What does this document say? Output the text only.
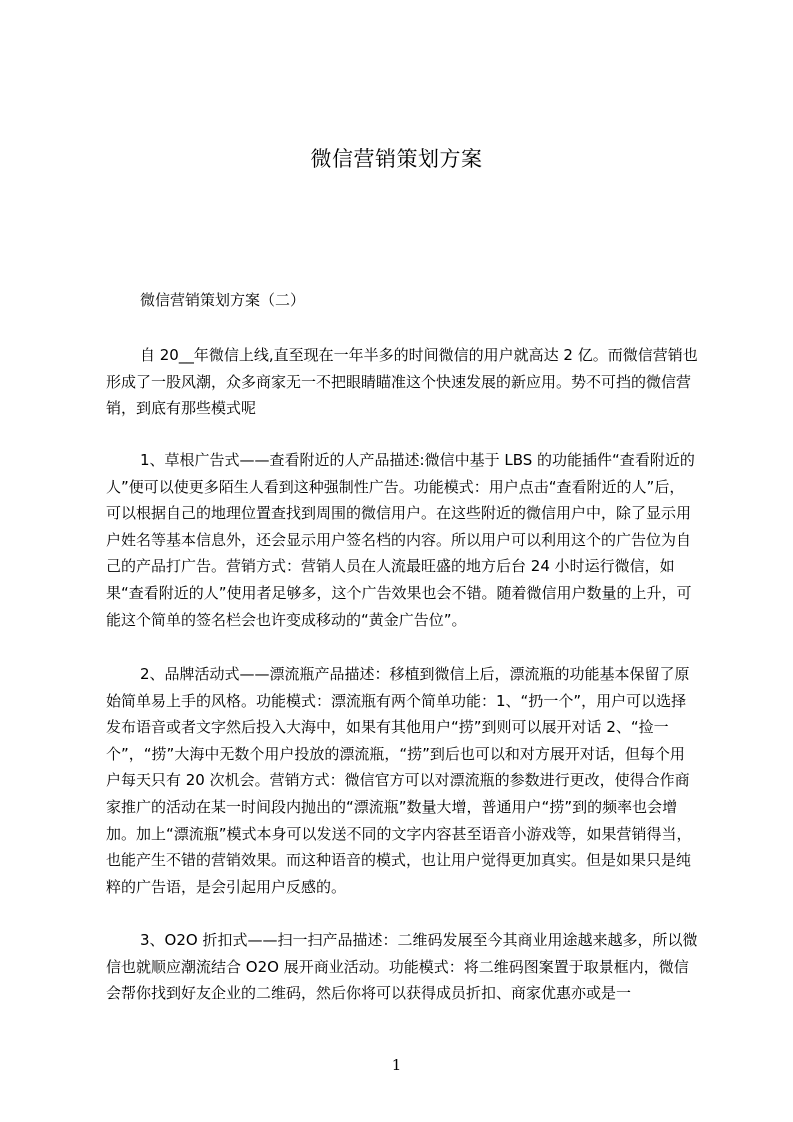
微信营销策划方案
微信营销策划方案（二）

自 20__年微信上线,直至现在一年半多的时间微信的用户就高达 2 亿。而微信营销也形成了一股风潮，众多商家无一不把眼睛瞄准这个快速发展的新应用。势不可挡的微信营销，到底有那些模式呢

1、草根广告式——查看附近的人产品描述:微信中基于 LBS 的功能插件“查看附近的人”便可以使更多陌生人看到这种强制性广告。功能模式：用户点击“查看附近的人”后，可以根据自己的地理位置查找到周围的微信用户。在这些附近的微信用户中，除了显示用户姓名等基本信息外，还会显示用户签名档的内容。所以用户可以利用这个的广告位为自己的产品打广告。营销方式：营销人员在人流最旺盛的地方后台 24 小时运行微信，如果“查看附近的人”使用者足够多，这个广告效果也会不错。随着微信用户数量的上升，可能这个简单的签名栏会也许变成移动的“黄金广告位”。

2、品牌活动式——漂流瓶产品描述：移植到微信上后，漂流瓶的功能基本保留了原始简单易上手的风格。功能模式：漂流瓶有两个简单功能：1、“扔一个”，用户可以选择发布语音或者文字然后投入大海中，如果有其他用户“捞”到则可以展开对话 2、“捡一个”，“捞”大海中无数个用户投放的漂流瓶，“捞”到后也可以和对方展开对话，但每个用户每天只有 20 次机会。营销方式：微信官方可以对漂流瓶的参数进行更改，使得合作商家推广的活动在某一时间段内抛出的“漂流瓶”数量大增，普通用户“捞”到的频率也会增加。加上“漂流瓶”模式本身可以发送不同的文字内容甚至语音小游戏等，如果营销得当，也能产生不错的营销效果。而这种语音的模式，也让用户觉得更加真实。但是如果只是纯粹的广告语，是会引起用户反感的。

3、O2O 折扣式——扫一扫产品描述：二维码发展至今其商业用途越来越多，所以微信也就顺应潮流结合 O2O 展开商业活动。功能模式：将二维码图案置于取景框内，微信会帮你找到好友企业的二维码，然后你将可以获得成员折扣、商家优惠亦或是一

1
